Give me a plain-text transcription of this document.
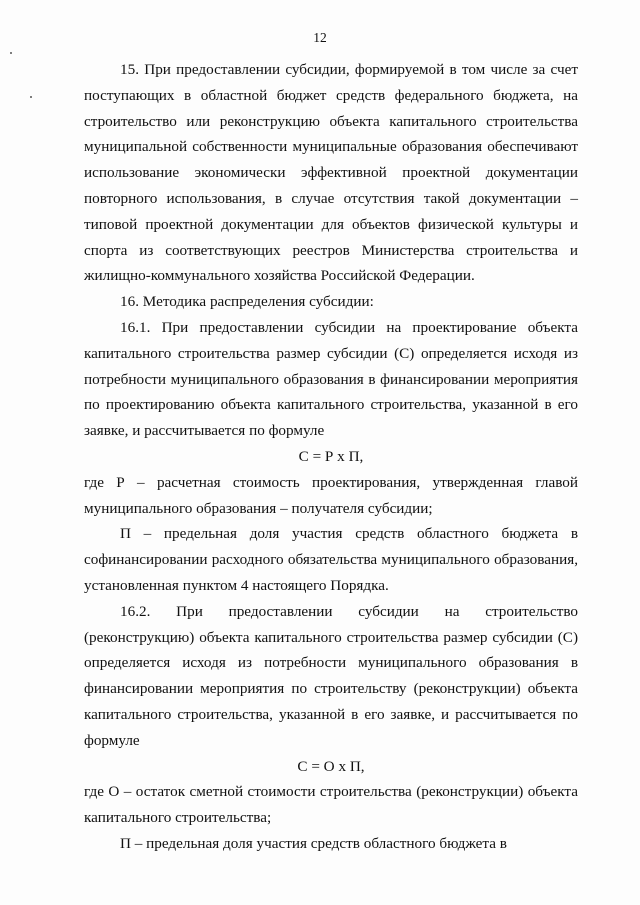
12

15. При предоставлении субсидии, формируемой в том числе за счет поступающих в областной бюджет средств федерального бюджета, на строительство или реконструкцию объекта капитального строительства муниципальной собственности муниципальные образования обеспечивают использование экономически эффективной проектной документации повторного использования, в случае отсутствия такой документации – типовой проектной документации для объектов физической культуры и спорта из соответствующих реестров Министерства строительства и жилищно-коммунального хозяйства Российской Федерации.

16. Методика распределения субсидии:

16.1. При предоставлении субсидии на проектирование объекта капитального строительства размер субсидии (С) определяется исходя из потребности муниципального образования в финансировании мероприятия по проектированию объекта капитального строительства, указанной в его заявке, и рассчитывается по формуле

С = Р х П,

где Р – расчетная стоимость проектирования, утвержденная главой муниципального образования – получателя субсидии;

П – предельная доля участия средств областного бюджета в софинансировании расходного обязательства муниципального образования, установленная пунктом 4 настоящего Порядка.

16.2. При предоставлении субсидии на строительство (реконструкцию) объекта капитального строительства размер субсидии (С) определяется исходя из потребности муниципального образования в финансировании мероприятия по строительству (реконструкции) объекта капитального строительства, указанной в его заявке, и рассчитывается по формуле

С = О х П,

где О – остаток сметной стоимости строительства (реконструкции) объекта капитального строительства;

П – предельная доля участия средств областного бюджета в
